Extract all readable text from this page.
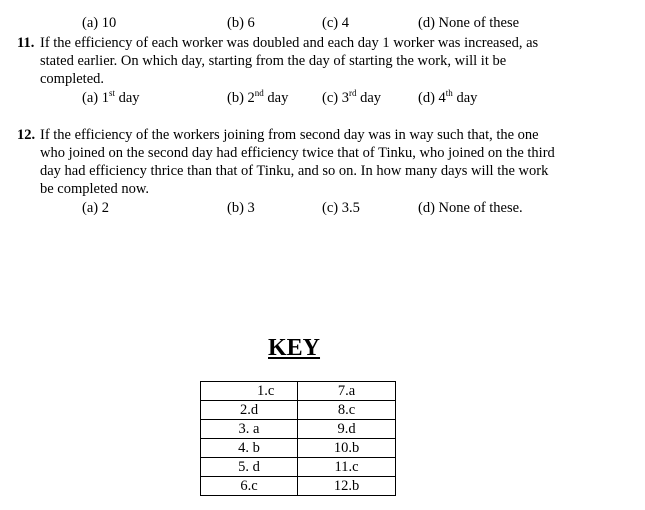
(a) 10	(b) 6	(c) 4	(d) None of these
11. If the efficiency of each worker was doubled and each day 1 worker was increased, as
stated earlier. On which day, starting from the day of starting the work, will it be
completed.
(a) 1st day	(b) 2nd day (c) 3rd day	(d) 4th day
12. If the efficiency of the workers joining from second day was in way such that, the one
who joined on the second day had efficiency twice that of Tinku, who joined on the third
day had efficiency thrice than that of Tinku, and so on. In how many days will the work
be completed now.
(a) 2	(b) 3	(c) 3.5	(d) None of these.
KEY
1.c	7.a
2.d	8.c
3. a	9.d
4. b	10.b
5. d	11.c
6.c	12.b
